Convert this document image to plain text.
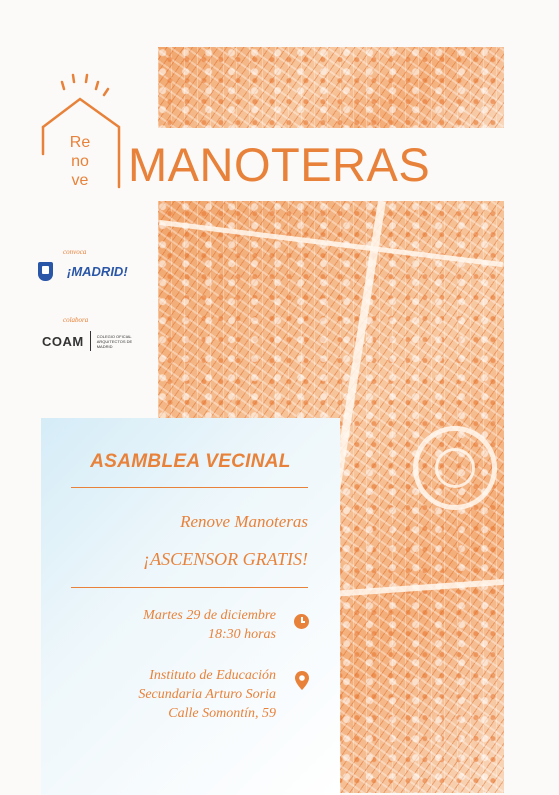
Re
no
ve MANOTERAS
convoca
¡MADRID!
colabora
COAM	COLEGIO OFICIAL ARQUITECTOS DE MADRID
ASAMBLEA VECINAL
Renove Manoteras
¡ASCENSOR GRATIS!
Martes 29 de diciembre
18:30 horas
Instituto de Educación
Secundaria Arturo Soria
Calle Somontín, 59
